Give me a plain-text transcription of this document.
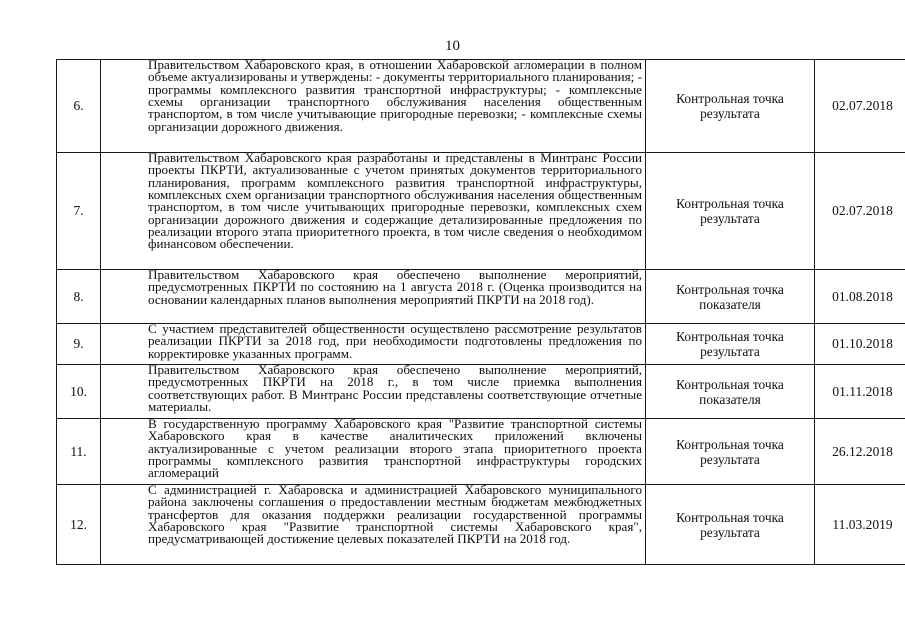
10
6.	Правительством Хабаровского края, в отношении Хабаровской агломерации в полном объеме актуализированы и утверждены: - документы территориального планирования; - программы комплексного развития транспортной инфраструктуры; - комплексные схемы организации транспортного обслуживания населения общественным транспортом, в том числе учитывающие пригородные перевозки; - комплексные схемы организации дорожного движения.	Контрольная точка результата	02.07.2018
7.	Правительством Хабаровского края разработаны и представлены в Минтранс России проекты ПКРТИ, актуализованные с учетом принятых документов территориального планирования, программ комплексного развития транспортной инфраструктуры, комплексных схем организации транспортного обслуживания населения общественным транспортом, в том числе учитывающих пригородные перевозки, комплексных схем организации дорожного движения и содержащие детализированные предложения по реализации второго этапа приоритетного проекта, в том числе сведения о необходимом финансовом обеспечении.	Контрольная точка результата	02.07.2018
8.	Правительством Хабаровского края обеспечено выполнение мероприятий, предусмотренных ПКРТИ по состоянию на 1 августа 2018 г. (Оценка производится на основании календарных планов выполнения мероприятий ПКРТИ на 2018 год).	Контрольная точка показателя	01.08.2018
9.	С участием представителей общественности осуществлено рассмотрение результатов реализации ПКРТИ за 2018 год, при необходимости подготовлены предложения по корректировке указанных программ.	Контрольная точка результата	01.10.2018
10.	Правительством Хабаровского края обеспечено выполнение мероприятий, предусмотренных ПКРТИ на 2018 г., в том числе приемка выполнения соответствующих работ. В Минтранс России представлены соответствующие отчетные материалы.	Контрольная точка показателя	01.11.2018
11.	В государственную программу Хабаровского края "Развитие транспортной системы Хабаровского края в качестве аналитических приложений включены актуализированные с учетом реализации второго этапа приоритетного проекта программы комплексного развития транспортной инфраструктуры городских агломераций	Контрольная точка результата	26.12.2018
12.	С администрацией г. Хабаровска и администрацией Хабаровского муниципального района заключены соглашения о предоставлении местным бюджетам межбюджетных трансфертов для оказания поддержки реализации государственной программы Хабаровского края "Развитие транспортной системы Хабаровского края", предусматривающей достижение целевых показателей ПКРТИ на 2018 год.	Контрольная точка результата	11.03.2019
